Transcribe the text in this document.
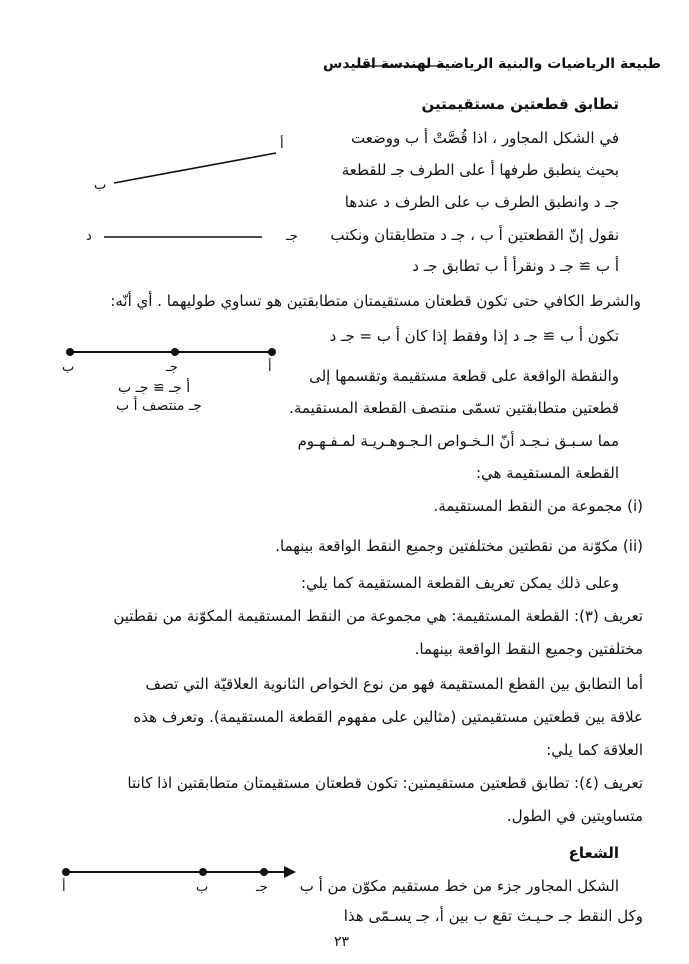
طبيعة الرياضيات والبنية الرياضية لهندسة اقليدس
تطابق قطعتين مستقيمتين
في الشكل المجاور ، اذا قُصَّتْ أ ب ووضعت
بحيث ينطبق طرفها أ على الطرف جـ للقطعة
جـ د وانطبق الطرف ب على الطرف د عندها
نقول إنّ القطعتين أ ب ، جـ د متطابقتان ونكتب
أ ب ≅ جـ د ونقرأ أ ب تطابق جـ د
أ
ب
جـ
د
والشرط الكافي حتى تكون قطعتان مستقيمتان متطابقتين هو تساوي طوليهما . أي أنّه:
تكون أ ب ≅ جـ د إذا وفقط إذا كان أ ب = جـ د
ب	جـ	أ
أ جـ ≅ جـ ب
جـ منتصف أ ب
والنقطة الواقعة على قطعة مستقيمة وتقسمها إلى
قطعتين متطابقتين تسمّى منتصف القطعة المستقيمة.
مما سـبـق نـجـد أنّ الـخـواص الـجـوهـريـة لمـفـهـوم
القطعة المستقيمة هي:
(i) مجموعة من النقط المستقيمة.
(ii) مكوّنة من نقطتين مختلفتين وجميع النقط الواقعة بينهما.
وعلى ذلك يمكن تعريف القطعة المستقيمة كما يلي:
تعريف (٣): القطعة المستقيمة: هي مجموعة من النقط المستقيمة المكوّنة من نقطتين
مختلفتين وجميع النقط الواقعة بينهما.
أما التطابق بين القطع المستقيمة فهو من نوع الخواص الثانوية العلاقيّة التي تصف
علاقة بين قطعتين مستقيمتين (مثالين على مفهوم القطعة المستقيمة). وتعرف هذه
العلاقة كما يلي:
تعريف (٤): تطابق قطعتين مستقيمتين: تكون قطعتان مستقيمتان متطابقتين اذا كانتا
متساويتين في الطول.
الشعاع
أ	ب	جـ الشكل المجاور جزء من خط مستقيم مكوّن من أ ب
وكل النقط جـ حـيـث تقع ب بين أ، جـ يسـمّى هذا
٢٣
